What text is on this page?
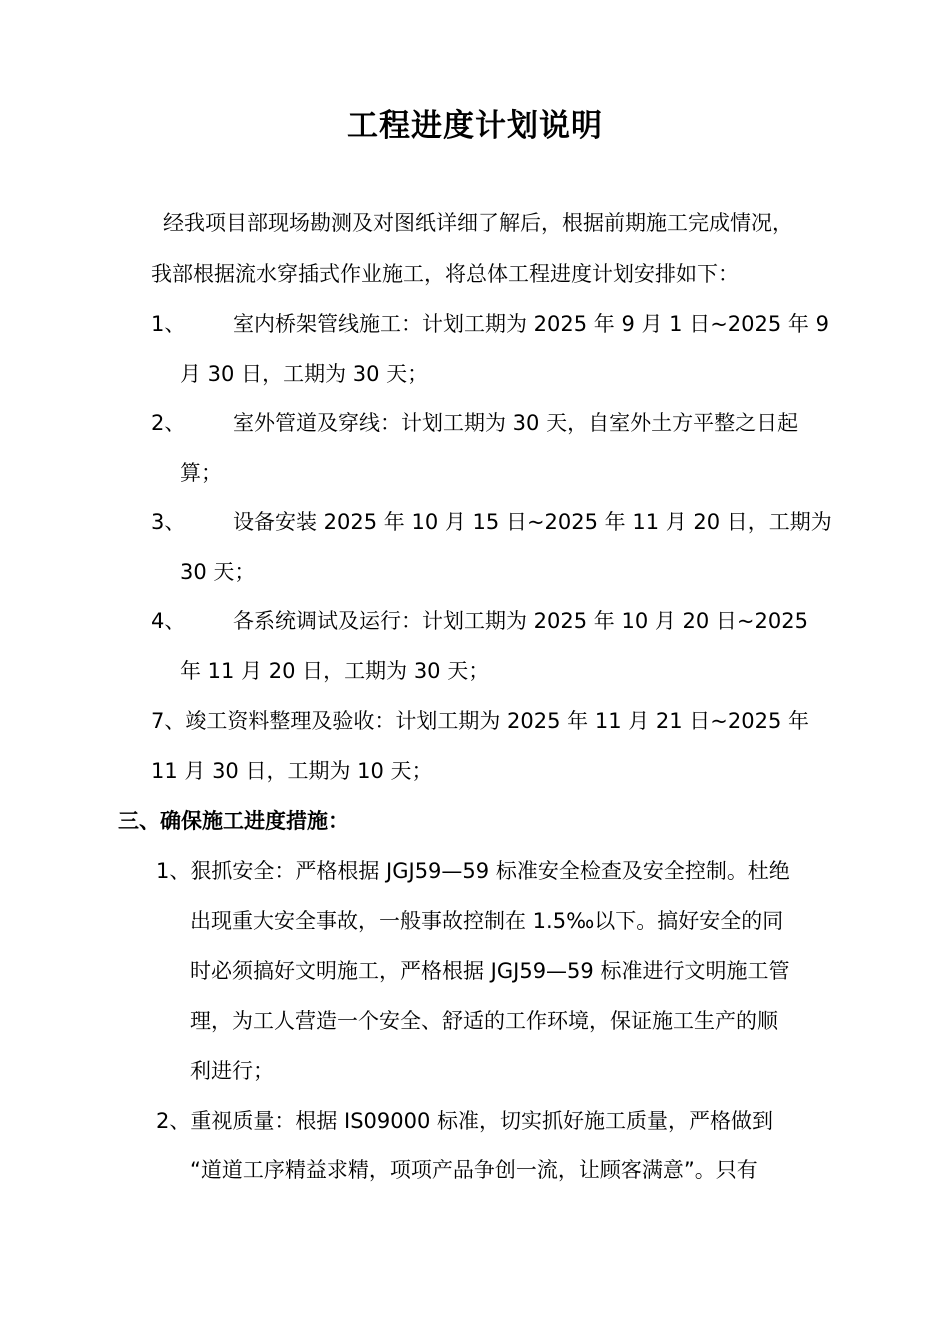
工程进度计划说明

经我项目部现场勘测及对图纸详细了解后，根据前期施工完成情况，

我部根据流水穿插式作业施工，将总体工程进度计划安排如下：

1、 室内桥架管线施工：计划工期为 2025 年 9 月 1 日~2025 年 9
月 30 日，工期为 30 天；
2、 室外管道及穿线：计划工期为 30 天，自室外土方平整之日起
算；
3、 设备安装 2025 年 10 月 15 日~2025 年 11 月 20 日，工期为
30 天；
4、 各系统调试及运行：计划工期为 2025 年 10 月 20 日~2025
年 11 月 20 日，工期为 30 天；
7、竣工资料整理及验收：计划工期为 2025 年 11 月 21 日~2025 年
11 月 30 日，工期为 10 天；
三、确保施工进度措施：
1、狠抓安全：严格根据 JGJ59—59 标准安全检查及安全控制。杜绝
出现重大安全事故，一般事故控制在 1.5‰以下。搞好安全的同
时必须搞好文明施工，严格根据 JGJ59—59 标准进行文明施工管
理，为工人营造一个安全、舒适的工作环境，保证施工生产的顺
利进行；
2、重视质量：根据 IS09000 标准，切实抓好施工质量，严格做到
“道道工序精益求精，项项产品争创一流，让顾客满意”。只有
